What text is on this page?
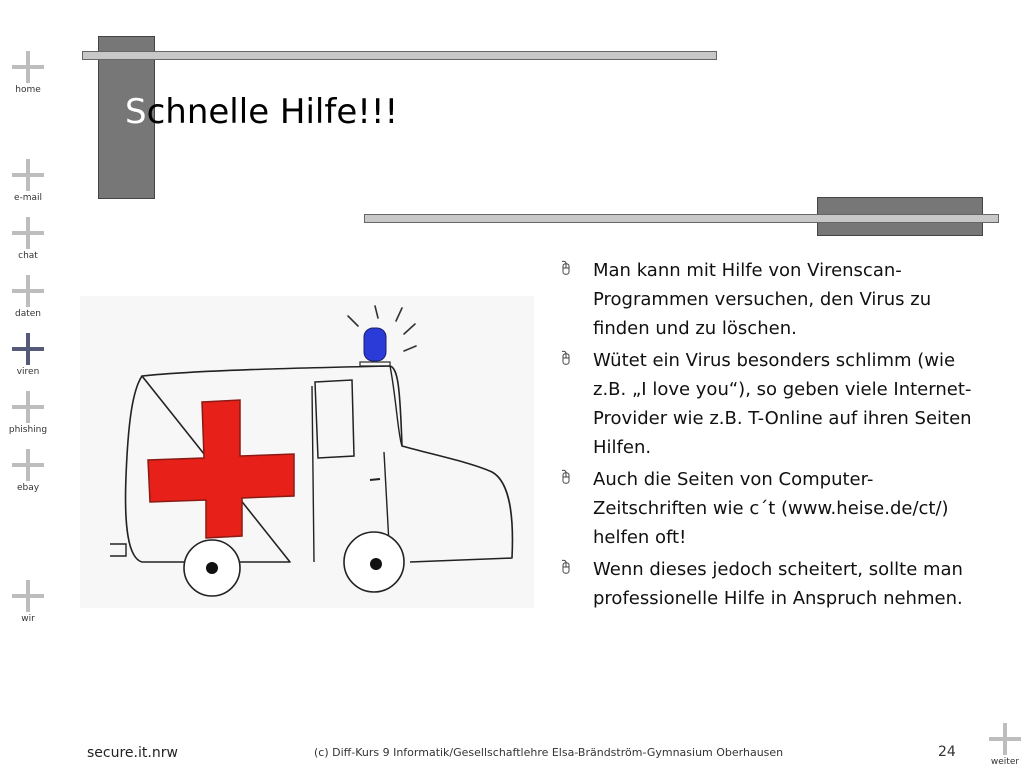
home
e-mail
chat
daten
viren
phishing
ebay
wir
Schnelle Hilfe!!!
Man kann mit Hilfe von Virenscan-Programmen versuchen, den Virus zu finden und zu löschen.
Wütet ein Virus besonders schlimm (wie z.B. „I love you“), so geben viele Internet-Provider wie z.B. T-Online auf ihren Seiten Hilfen.
Auch die Seiten von Computer-Zeitschriften wie c´t (www.heise.de/ct/) helfen oft!
Wenn dieses jedoch scheitert, sollte man professionelle Hilfe in Anspruch nehmen.
secure.it.nrw	(c) Diff-Kurs 9 Informatik/Gesellschaftlehre Elsa-Brändström-Gymnasium Oberhausen	24
weiter
